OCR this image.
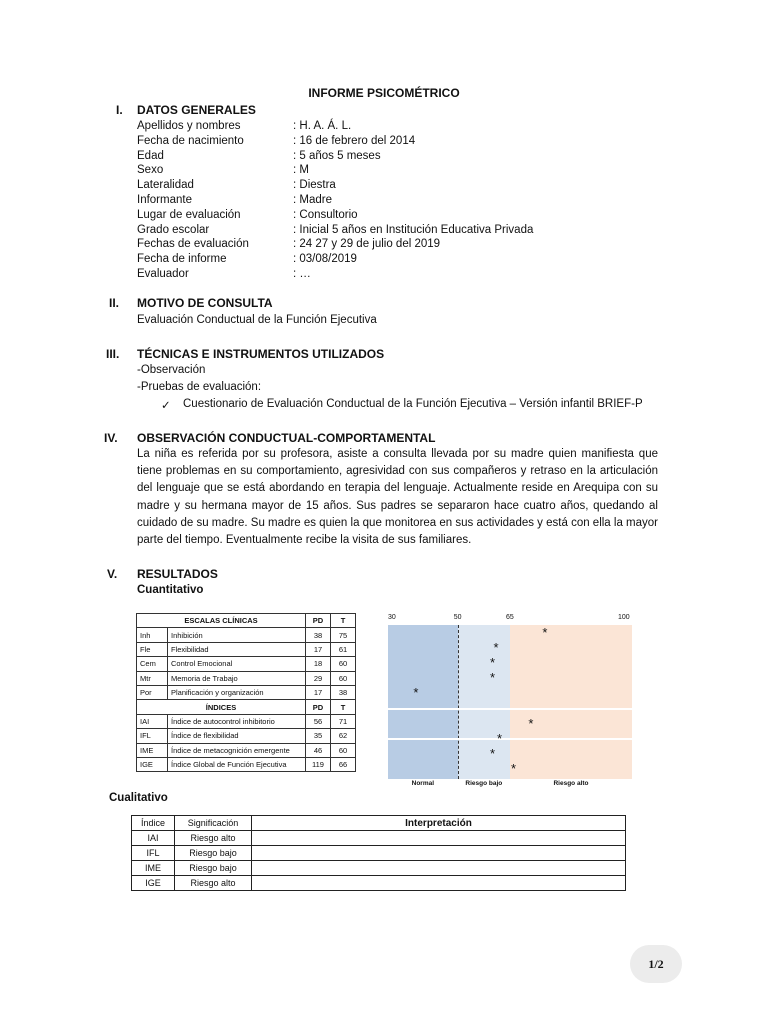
INFORME PSICOMÉTRICO
I. DATOS GENERALES
Apellidos y nombres	: H. A. Á. L.
Fecha de nacimiento	: 16 de febrero del 2014
Edad	: 5 años 5 meses
Sexo	: M
Lateralidad	: Diestra
Informante	: Madre
Lugar de evaluación	: Consultorio
Grado escolar	: Inicial 5 años en Institución Educativa Privada
Fechas de evaluación	: 24 27 y 29 de julio del 2019
Fecha de informe	: 03/08/2019
Evaluador	: …
II. MOTIVO DE CONSULTA
Evaluación Conductual de la Función Ejecutiva
III. TÉCNICAS E INSTRUMENTOS UTILIZADOS
-Observación
-Pruebas de evaluación:
✓ Cuestionario de Evaluación Conductual de la Función Ejecutiva – Versión infantil BRIEF-P
IV. OBSERVACIÓN CONDUCTUAL-COMPORTAMENTAL
La niña es referida por su profesora, asiste a consulta llevada por su madre quien manifiesta que tiene problemas en su comportamiento, agresividad con sus compañeros y retraso en la articulación del lenguaje que se está abordando en terapia del lenguaje. Actualmente reside en Arequipa con su madre y su hermana mayor de 15 años. Sus padres se separaron hace cuatro años, quedando al cuidado de su madre. Su madre es quien la que monitorea en sus actividades y está con ella la mayor parte del tiempo. Eventualmente recibe la visita de sus familiares.
V. RESULTADOS
Cuantitativo
ESCALAS CLÍNICAS		PD	T
Inh	Inhibición	38	75
Fle	Flexibilidad	17	61
Cem	Control Emocional	18	60
Mtr	Memoria de Trabajo	29	60
Por	Planificación y organización	17	38
ÍNDICES		PD	T
IAI	Índice de autocontrol inhibitorio	56	71
IFL	Índice de flexibilidad	35	62
IME	Índice de metacognición emergente	46	60
IGE	Índice Global de Función Ejecutiva	119	66
Normal	Riesgo bajo	Riesgo alto
30	50	65	100
*
*
*
*
*
*
*
*
*
Cualitativo
Índice	Significación	Interpretación
IAI	Riesgo alto	
IFL	Riesgo bajo	
IME	Riesgo bajo	
IGE	Riesgo alto	
1/2
